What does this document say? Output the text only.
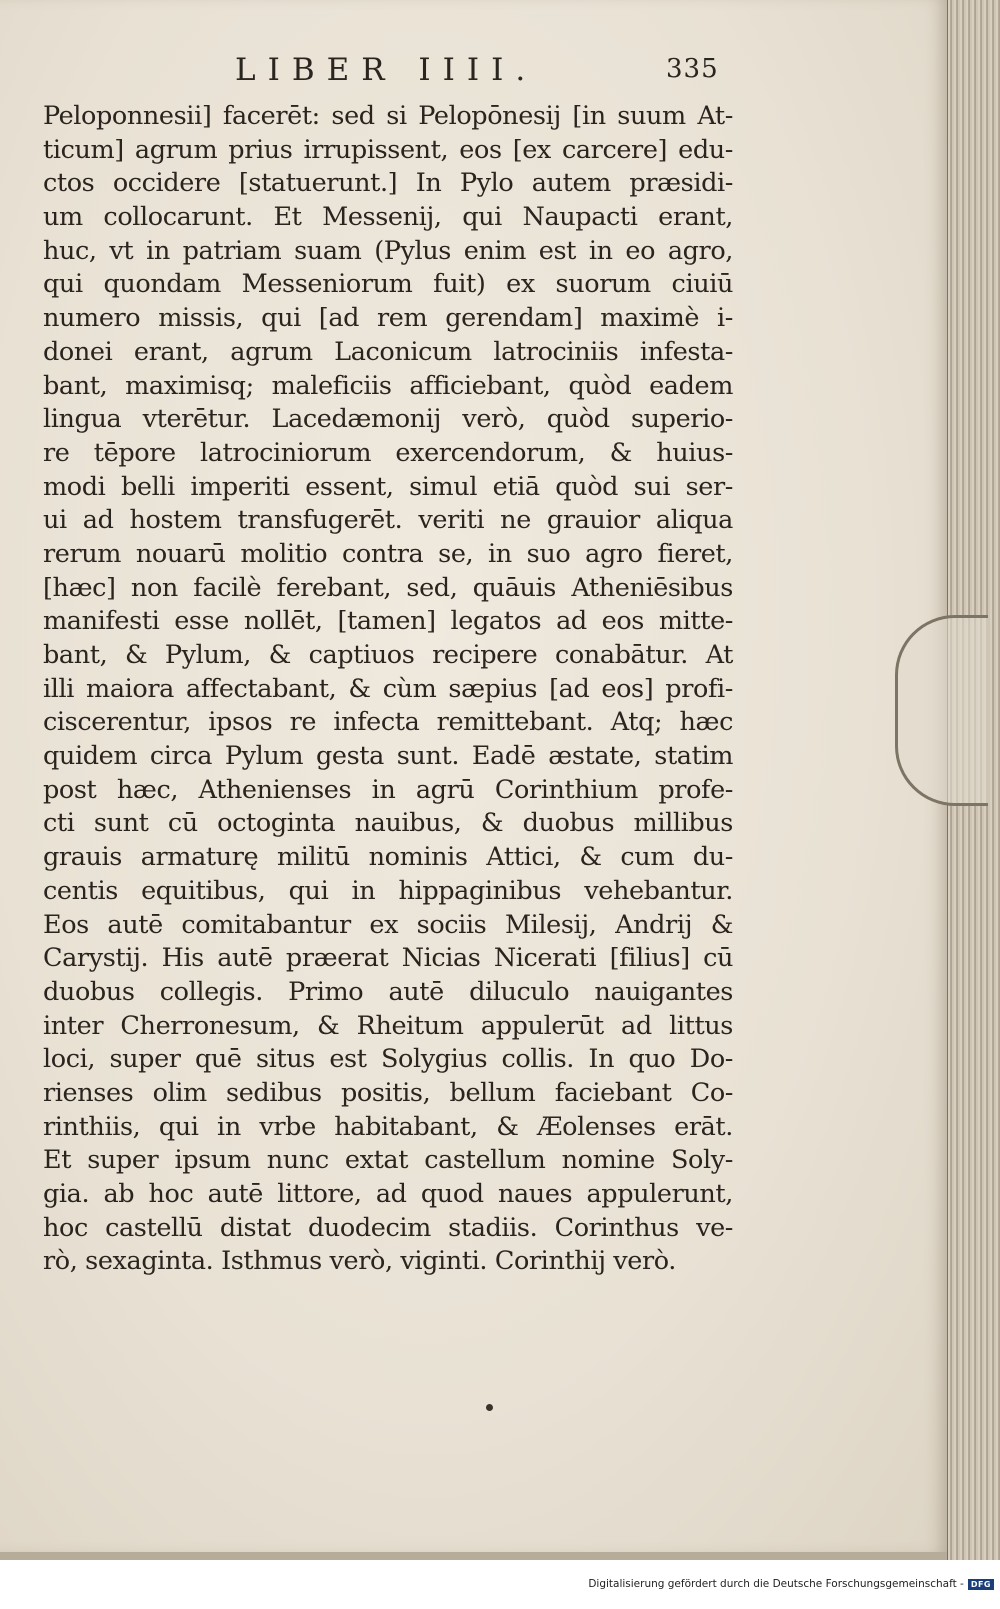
LIBER IIII.	335
Peloponnesii] facerēt: sed si Pelopōnesij [in suum At-
ticum] agrum prius irrupissent, eos [ex carcere] edu-
ctos occidere [statuerunt.] In Pylo autem præsidi-
um collocarunt. Et Messenij, qui Naupacti erant,
huc, vt in patriam suam (Pylus enim est in eo agro,
qui quondam Messeniorum fuit) ex suorum ciuiū
numero missis, qui [ad rem gerendam] maximè i-
donei erant, agrum Laconicum latrociniis infesta-
bant, maximisq; maleficiis afficiebant, quòd eadem
lingua vterētur. Lacedæmonij verò, quòd superio-
re tēpore latrociniorum exercendorum, & huius-
modi belli imperiti essent, simul etiā quòd sui ser-
ui ad hostem transfugerēt. veriti ne grauior aliqua
rerum nouarū molitio contra se, in suo agro fieret,
[hæc] non facilè ferebant, sed, quāuis Atheniēsibus
manifesti esse nollēt, [tamen] legatos ad eos mitte-
bant, & Pylum, & captiuos recipere conabātur. At
illi maiora affectabant, & cùm sæpius [ad eos] profi-
ciscerentur, ipsos re infecta remittebant. Atq; hæc
quidem circa Pylum gesta sunt. Eadē æstate, statim
post hæc, Athenienses in agrū Corinthium profe-
cti sunt cū octoginta nauibus, & duobus millibus
grauis armaturę militū nominis Attici, & cum du-
centis equitibus, qui in hippaginibus vehebantur.
Eos autē comitabantur ex sociis Milesij, Andrij &
Carystij. His autē præerat Nicias Nicerati [filius] cū
duobus collegis. Primo autē diluculo nauigantes
inter Cherronesum, & Rheitum appulerūt ad littus
loci, super quē situs est Solygius collis. In quo Do-
rienses olim sedibus positis, bellum faciebant Co-
rinthiis, qui in vrbe habitabant, & Æolenses erāt.
Et super ipsum nunc extat castellum nomine Soly-
gia. ab hoc autē littore, ad quod naues appulerunt,
hoc castellū distat duodecim stadiis. Corinthus ve-
rò, sexaginta. Isthmus verò, viginti. Corinthij verò.
Digitalisierung gefördert durch die Deutsche Forschungsgemeinschaft - DFG
